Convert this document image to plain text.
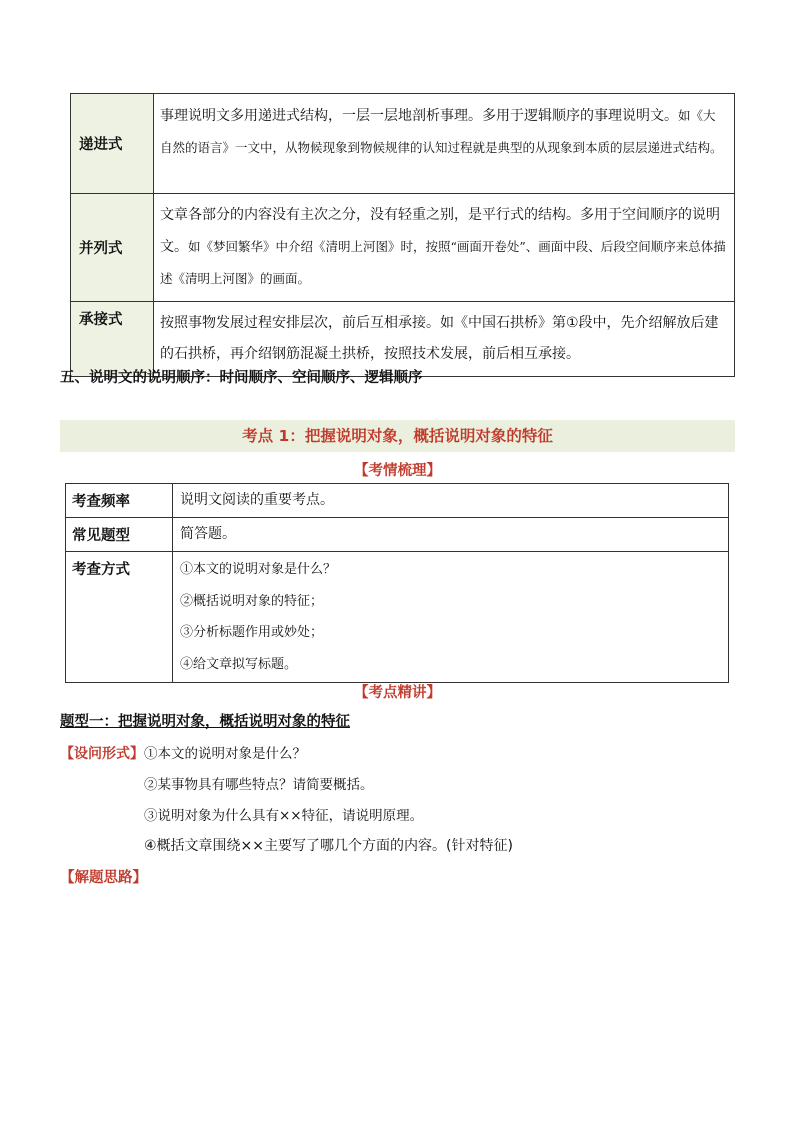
递进式	事理说明文多用递进式结构，一层一层地剖析事理。多用于逻辑顺序的事理说明文。如《大自然的语言》一文中，从物候现象到物候规律的认知过程就是典型的从现象到本质的层层递进式结构。
并列式	文章各部分的内容没有主次之分，没有轻重之别，是平行式的结构。多用于空间顺序的说明文。如《梦回繁华》中介绍《清明上河图》时，按照“画面开卷处”、画面中段、后段空间顺序来总体描述《清明上河图》的画面。
承接式	按照事物发展过程安排层次，前后互相承接。如《中国石拱桥》第①段中，先介绍解放后建的石拱桥，再介绍钢筋混凝土拱桥，按照技术发展，前后相互承接。
五、说明文的说明顺序：时间顺序、空间顺序、逻辑顺序
考点 1：把握说明对象，概括说明对象的特征
【考情梳理】
考查频率	说明文阅读的重要考点。
常见题型	简答题。
考查方式	①本文的说明对象是什么？
②概括说明对象的特征；
③分析标题作用或妙处；
④给文章拟写标题。
【考点精讲】
题型一：把握说明对象，概括说明对象的特征
【设问形式】①本文的说明对象是什么？
②某事物具有哪些特点？请简要概括。
③说明对象为什么具有××特征，请说明原理。
④概括文章围绕××主要写了哪几个方面的内容。(针对特征)
【解题思路】
